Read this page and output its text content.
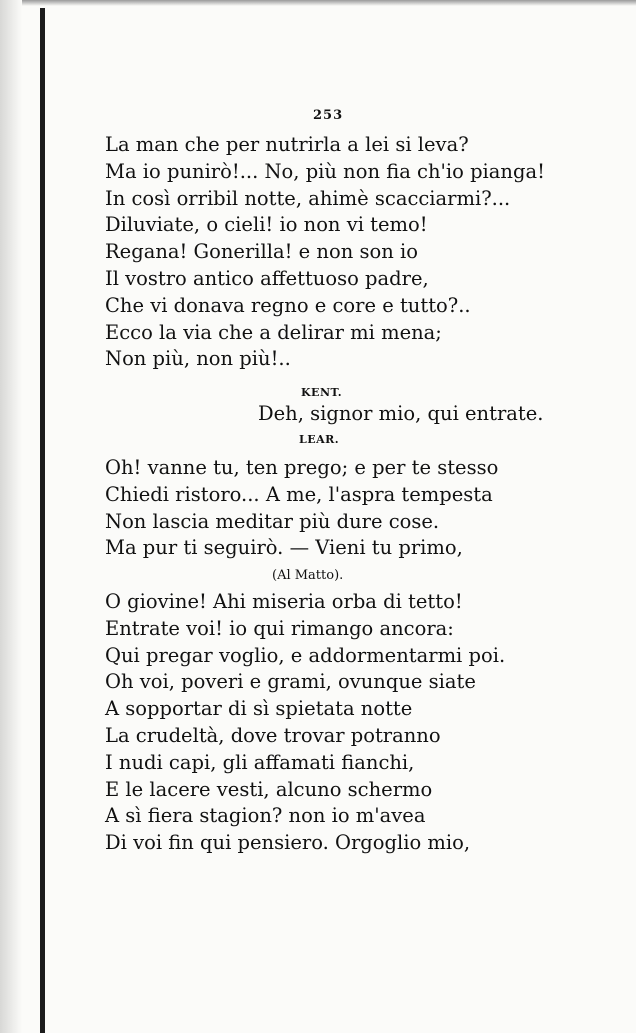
253
La man che per nutrirla a lei si leva?
Ma io punirò!... No, più non fia ch'io pianga!
In così orribil notte, ahimè scacciarmi?...
Diluviate, o cieli! io non vi temo!
Regana! Gonerilla! e non son io
Il vostro antico affettuoso padre,
Che vi donava regno e core e tutto?..
Ecco la via che a delirar mi mena;
Non più, non più!..
KENT.
Deh, signor mio, qui entrate.
LEAR.
Oh! vanne tu, ten prego; e per te stesso
Chiedi ristoro... A me, l'aspra tempesta
Non lascia meditar più dure cose.
Ma pur ti seguirò. — Vieni tu primo,
(Al Matto).
O giovine! Ahi miseria orba di tetto!
Entrate voi! io qui rimango ancora:
Qui pregar voglio, e addormentarmi poi.
Oh voi, poveri e grami, ovunque siate
A sopportar di sì spietata notte
La crudeltà, dove trovar potranno
I nudi capi, gli affamati fianchi,
E le lacere vesti, alcuno schermo
A sì fiera stagion? non io m'avea
Di voi fin qui pensiero. Orgoglio mio,
